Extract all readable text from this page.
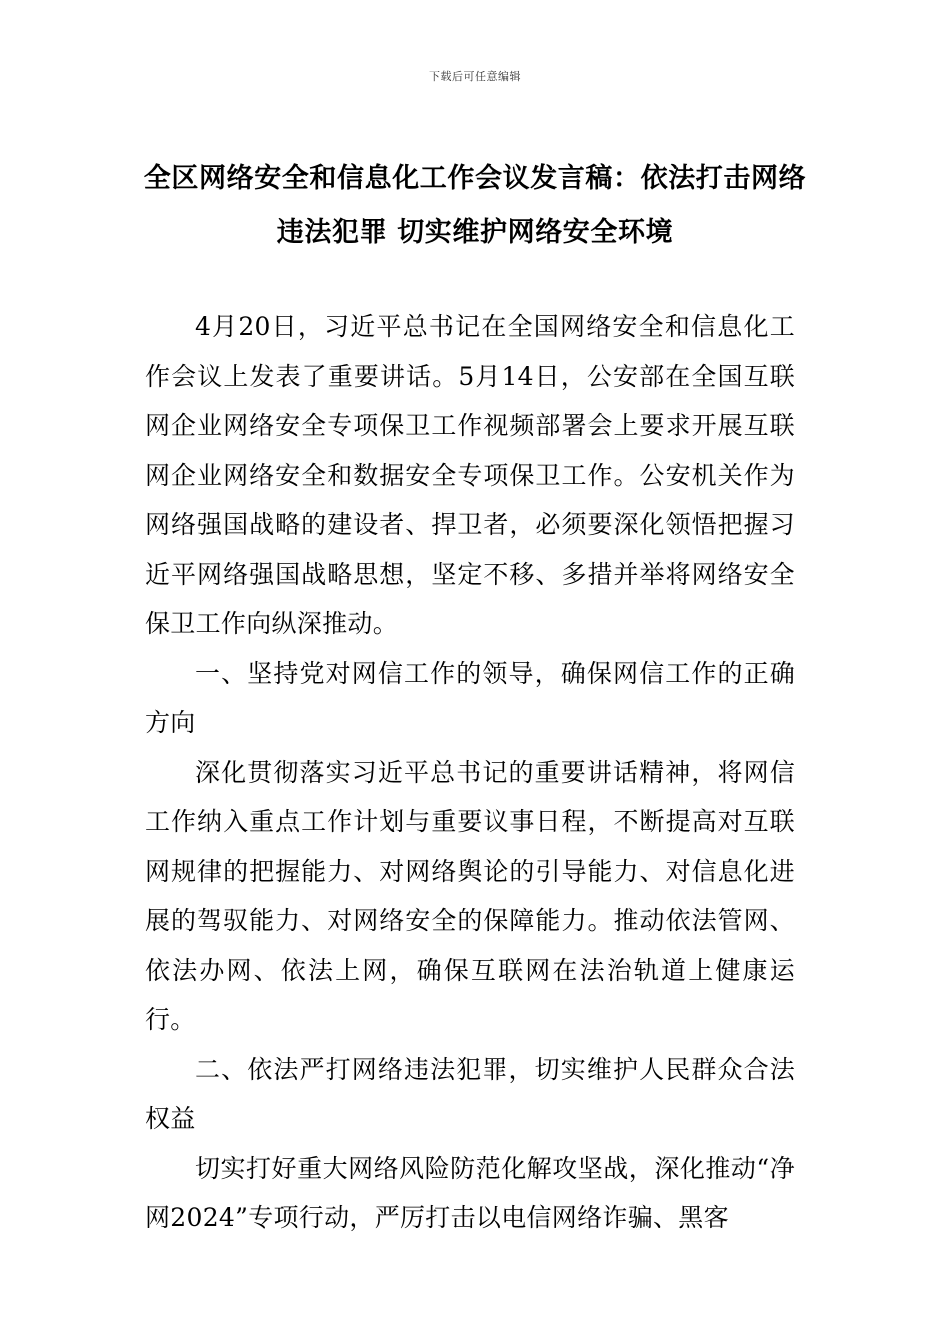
下载后可任意编辑
全区网络安全和信息化工作会议发言稿：依法打击网络违法犯罪 切实维护网络安全环境

4月20日，习近平总书记在全国网络安全和信息化工作会议上发表了重要讲话。5月14日，公安部在全国互联网企业网络安全专项保卫工作视频部署会上要求开展互联网企业网络安全和数据安全专项保卫工作。公安机关作为网络强国战略的建设者、捍卫者，必须要深化领悟把握习近平网络强国战略思想，坚定不移、多措并举将网络安全保卫工作向纵深推动。

一、坚持党对网信工作的领导，确保网信工作的正确方向

深化贯彻落实习近平总书记的重要讲话精神，将网信工作纳入重点工作计划与重要议事日程，不断提高对互联网规律的把握能力、对网络舆论的引导能力、对信息化进展的驾驭能力、对网络安全的保障能力。推动依法管网、依法办网、依法上网，确保互联网在法治轨道上健康运行。

二、依法严打网络违法犯罪，切实维护人民群众合法权益

切实打好重大网络风险防范化解攻坚战，深化推动“净网2024”专项行动，严厉打击以电信网络诈骗、黑客
